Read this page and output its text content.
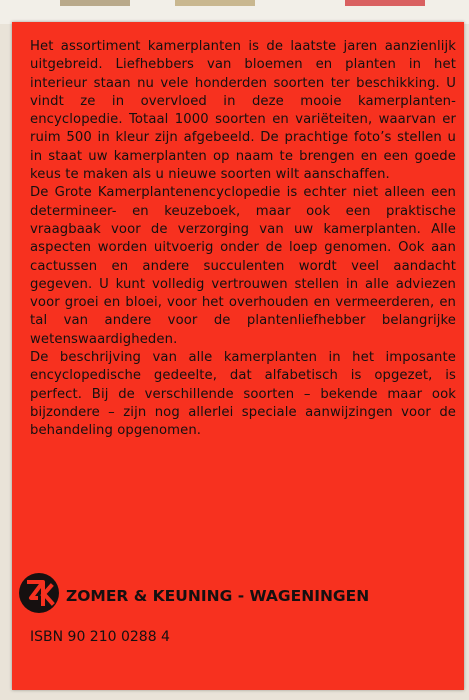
Het assortiment kamerplanten is de laatste jaren aanzienlijk uitgebreid. Liefhebbers van bloemen en planten in het interieur staan nu vele honderden soorten ter beschikking. U vindt ze in overvloed in deze mooie kamerplanten-encyclopedie. Totaal 1000 soorten en variëteiten, waarvan er ruim 500 in kleur zijn afgebeeld. De prachtige foto’s stellen u in staat uw kamerplanten op naam te brengen en een goede keus te maken als u nieuwe soorten wilt aanschaffen.

De Grote Kamerplantenencyclopedie is echter niet alleen een determineer- en keuzeboek, maar ook een praktische vraagbaak voor de verzorging van uw kamerplanten. Alle aspecten worden uitvoerig onder de loep genomen. Ook aan cactussen en andere succulenten wordt veel aandacht gegeven. U kunt volledig vertrouwen stellen in alle adviezen voor groei en bloei, voor het overhouden en vermeerderen, en tal van andere voor de plantenliefhebber belangrijke wetenswaardigheden.

De beschrijving van alle kamerplanten in het imposante encyclopedische gedeelte, dat alfabetisch is opgezet, is perfect. Bij de verschillende soorten – bekende maar ook bijzondere – zijn nog allerlei speciale aanwijzingen voor de behandeling opgenomen.

ZOMER & KEUNING - WAGENINGEN
ISBN 90 210 0288 4
